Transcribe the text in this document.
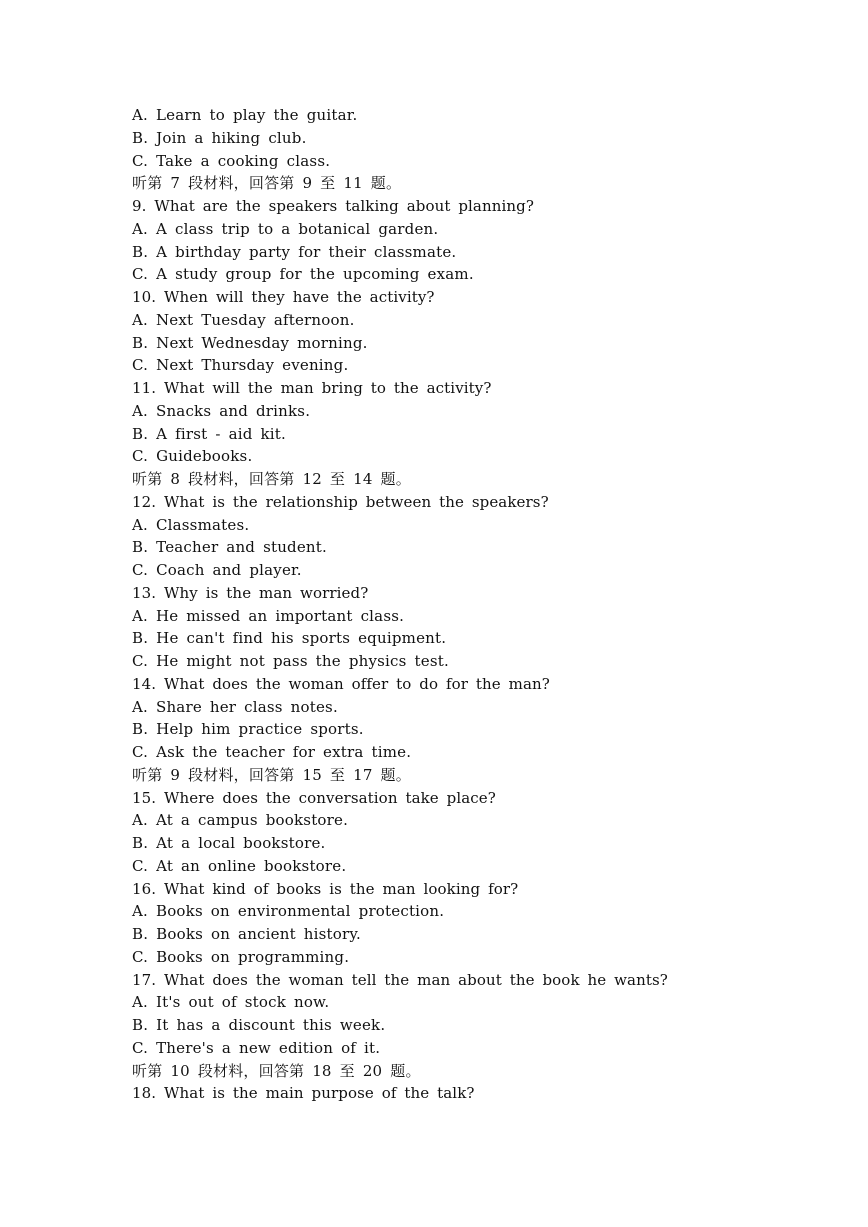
A. Learn to play the guitar.
B. Join a hiking club.
C. Take a cooking class.
听第 7 段材料，回答第 9 至 11 题。
9. What are the speakers talking about planning?
A. A class trip to a botanical garden.
B. A birthday party for their classmate.
C. A study group for the upcoming exam.
10. When will they have the activity?
A. Next Tuesday afternoon.
B. Next Wednesday morning.
C. Next Thursday evening.
11. What will the man bring to the activity?
A. Snacks and drinks.
B. A first - aid kit.
C. Guidebooks.
听第 8 段材料，回答第 12 至 14 题。
12. What is the relationship between the speakers?
A. Classmates.
B. Teacher and student.
C. Coach and player.
13. Why is the man worried?
A. He missed an important class.
B. He can't find his sports equipment.
C. He might not pass the physics test.
14. What does the woman offer to do for the man?
A. Share her class notes.
B. Help him practice sports.
C. Ask the teacher for extra time.
听第 9 段材料，回答第 15 至 17 题。
15. Where does the conversation take place?
A. At a campus bookstore.
B. At a local bookstore.
C. At an online bookstore.
16. What kind of books is the man looking for?
A. Books on environmental protection.
B. Books on ancient history.
C. Books on programming.
17. What does the woman tell the man about the book he wants?
A. It's out of stock now.
B. It has a discount this week.
C. There's a new edition of it.
听第 10 段材料，回答第 18 至 20 题。
18. What is the main purpose of the talk?
